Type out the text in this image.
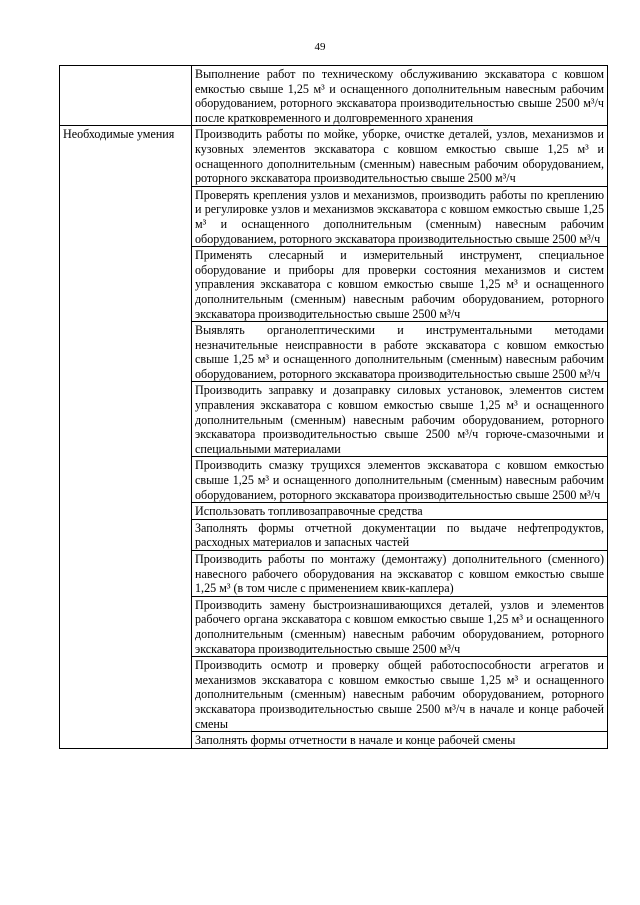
49
	Выполнение работ по техническому обслуживанию экскаватора с ковшом емкостью свыше 1,25 м³ и оснащенного дополнительным навесным рабочим оборудованием, роторного экскаватора производительностью свыше 2500 м³/ч после кратковременного и долговременного хранения
Необходимые умения	Производить работы по мойке, уборке, очистке деталей, узлов, механизмов и кузовных элементов экскаватора с ковшом емкостью свыше 1,25 м³ и оснащенного дополнительным (сменным) навесным рабочим оборудованием, роторного экскаватора производительностью свыше 2500 м³/ч
	Проверять крепления узлов и механизмов, производить работы по креплению и регулировке узлов и механизмов экскаватора с ковшом емкостью свыше 1,25 м³ и оснащенного дополнительным (сменным) навесным рабочим оборудованием, роторного экскаватора производительностью свыше 2500 м³/ч
	Применять слесарный и измерительный инструмент, специальное оборудование и приборы для проверки состояния механизмов и систем управления экскаватора с ковшом емкостью свыше 1,25 м³ и оснащенного дополнительным (сменным) навесным рабочим оборудованием, роторного экскаватора производительностью свыше 2500 м³/ч
	Выявлять органолептическими и инструментальными методами незначительные неисправности в работе экскаватора с ковшом емкостью свыше 1,25 м³ и оснащенного дополнительным (сменным) навесным рабочим оборудованием, роторного экскаватора производительностью свыше 2500 м³/ч
	Производить заправку и дозаправку силовых установок, элементов систем управления экскаватора с ковшом емкостью свыше 1,25 м³ и оснащенного дополнительным (сменным) навесным рабочим оборудованием, роторного экскаватора производительностью свыше 2500 м³/ч горюче-смазочными и специальными материалами
	Производить смазку трущихся элементов экскаватора с ковшом емкостью свыше 1,25 м³ и оснащенного дополнительным (сменным) навесным рабочим оборудованием, роторного экскаватора производительностью свыше 2500 м³/ч
	Использовать топливозаправочные средства
	Заполнять формы отчетной документации по выдаче нефтепродуктов, расходных материалов и запасных частей
	Производить работы по монтажу (демонтажу) дополнительного (сменного) навесного рабочего оборудования на экскаватор с ковшом емкостью свыше 1,25 м³ (в том числе с применением квик-каплера)
	Производить замену быстроизнашивающихся деталей, узлов и элементов рабочего органа экскаватора с ковшом емкостью свыше 1,25 м³ и оснащенного дополнительным (сменным) навесным рабочим оборудованием, роторного экскаватора производительностью свыше 2500 м³/ч
	Производить осмотр и проверку общей работоспособности агрегатов и механизмов экскаватора с ковшом емкостью свыше 1,25 м³ и оснащенного дополнительным (сменным) навесным рабочим оборудованием, роторного экскаватора производительностью свыше 2500 м³/ч в начале и конце рабочей смены
	Заполнять формы отчетности в начале и конце рабочей смены
